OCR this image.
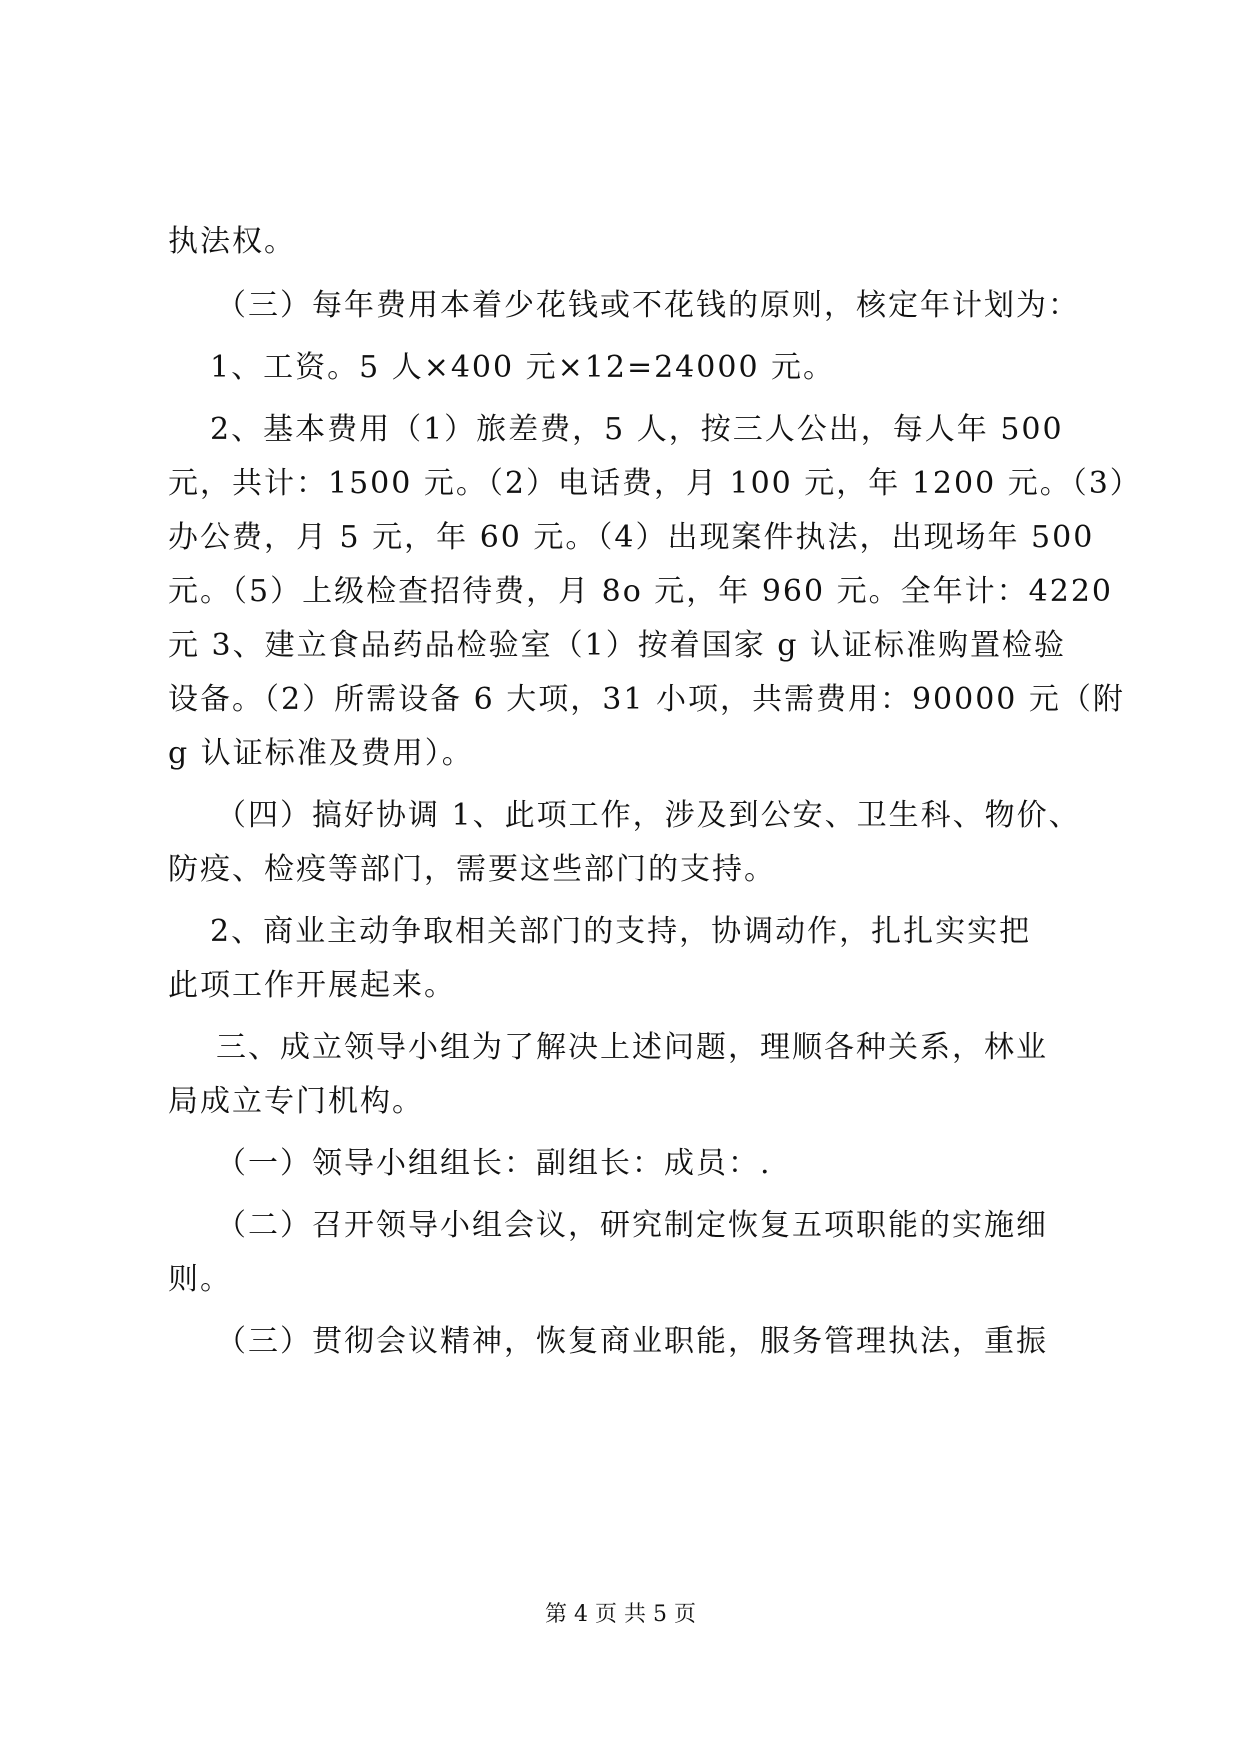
执法权。
（三）每年费用本着少花钱或不花钱的原则，核定年计划为：
1、工资。5 人×400 元×12=24000 元。
2、基本费用（1）旅差费，5 人，按三人公出，每人年 500
元，共计：1500 元。（2）电话费，月 100 元，年 1200 元。（3）
办公费，月 5 元，年 60 元。（4）出现案件执法，出现场年 500
元。（5）上级检查招待费，月 8o 元，年 960 元。全年计：4220
元 3、建立食品药品检验室（1）按着国家 g 认证标准购置检验
设备。（2）所需设备 6 大项，31 小项，共需费用：90000 元（附
g 认证标准及费用）。
（四）搞好协调 1、此项工作，涉及到公安、卫生科、物价、
防疫、检疫等部门，需要这些部门的支持。
2、商业主动争取相关部门的支持，协调动作，扎扎实实把
此项工作开展起来。
三、成立领导小组为了解决上述问题，理顺各种关系，林业
局成立专门机构。
（一）领导小组组长：副组长：成员：.
（二）召开领导小组会议，研究制定恢复五项职能的实施细
则。
（三）贯彻会议精神，恢复商业职能，服务管理执法，重振
第 4 页 共 5 页
